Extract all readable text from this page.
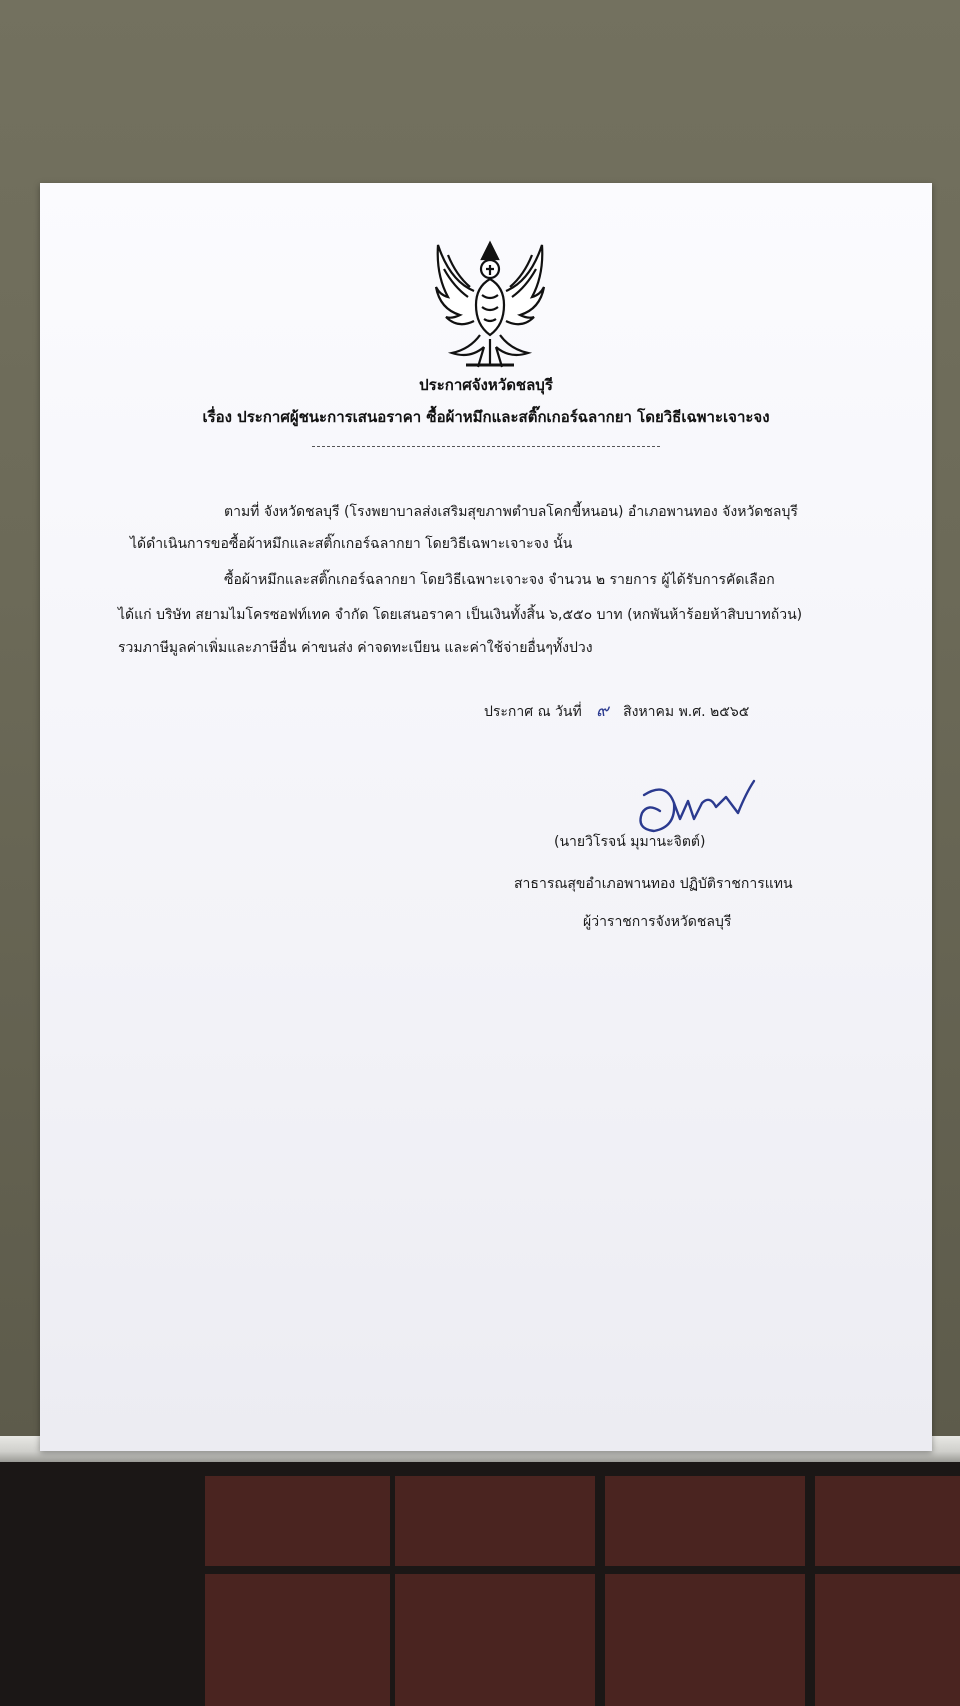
ประกาศจังหวัดชลบุรี
เรื่อง ประกาศผู้ชนะการเสนอราคา ซื้อผ้าหมึกและสติ๊กเกอร์ฉลากยา โดยวิธีเฉพาะเจาะจง
ตามที่ จังหวัดชลบุรี (โรงพยาบาลส่งเสริมสุขภาพตำบลโคกขี้หนอน) อำเภอพานทอง จังหวัดชลบุรี
ได้ดำเนินการขอซื้อผ้าหมึกและสติ๊กเกอร์ฉลากยา โดยวิธีเฉพาะเจาะจง นั้น
ซื้อผ้าหมึกและสติ๊กเกอร์ฉลากยา โดยวิธีเฉพาะเจาะจง จำนวน ๒ รายการ ผู้ได้รับการคัดเลือก
ได้แก่ บริษัท สยามไมโครซอฟท์เทค จำกัด โดยเสนอราคา เป็นเงินทั้งสิ้น ๖,๕๕๐ บาท (หกพันห้าร้อยห้าสิบบาทถ้วน)
รวมภาษีมูลค่าเพิ่มและภาษีอื่น ค่าขนส่ง ค่าจดทะเบียน และค่าใช้จ่ายอื่นๆทั้งปวง
ประกาศ ณ วันที่ ๙ สิงหาคม พ.ศ. ๒๕๖๕
(นายวิโรจน์ มุมานะจิตต์)
สาธารณสุขอำเภอพานทอง ปฏิบัติราชการแทน
ผู้ว่าราชการจังหวัดชลบุรี
